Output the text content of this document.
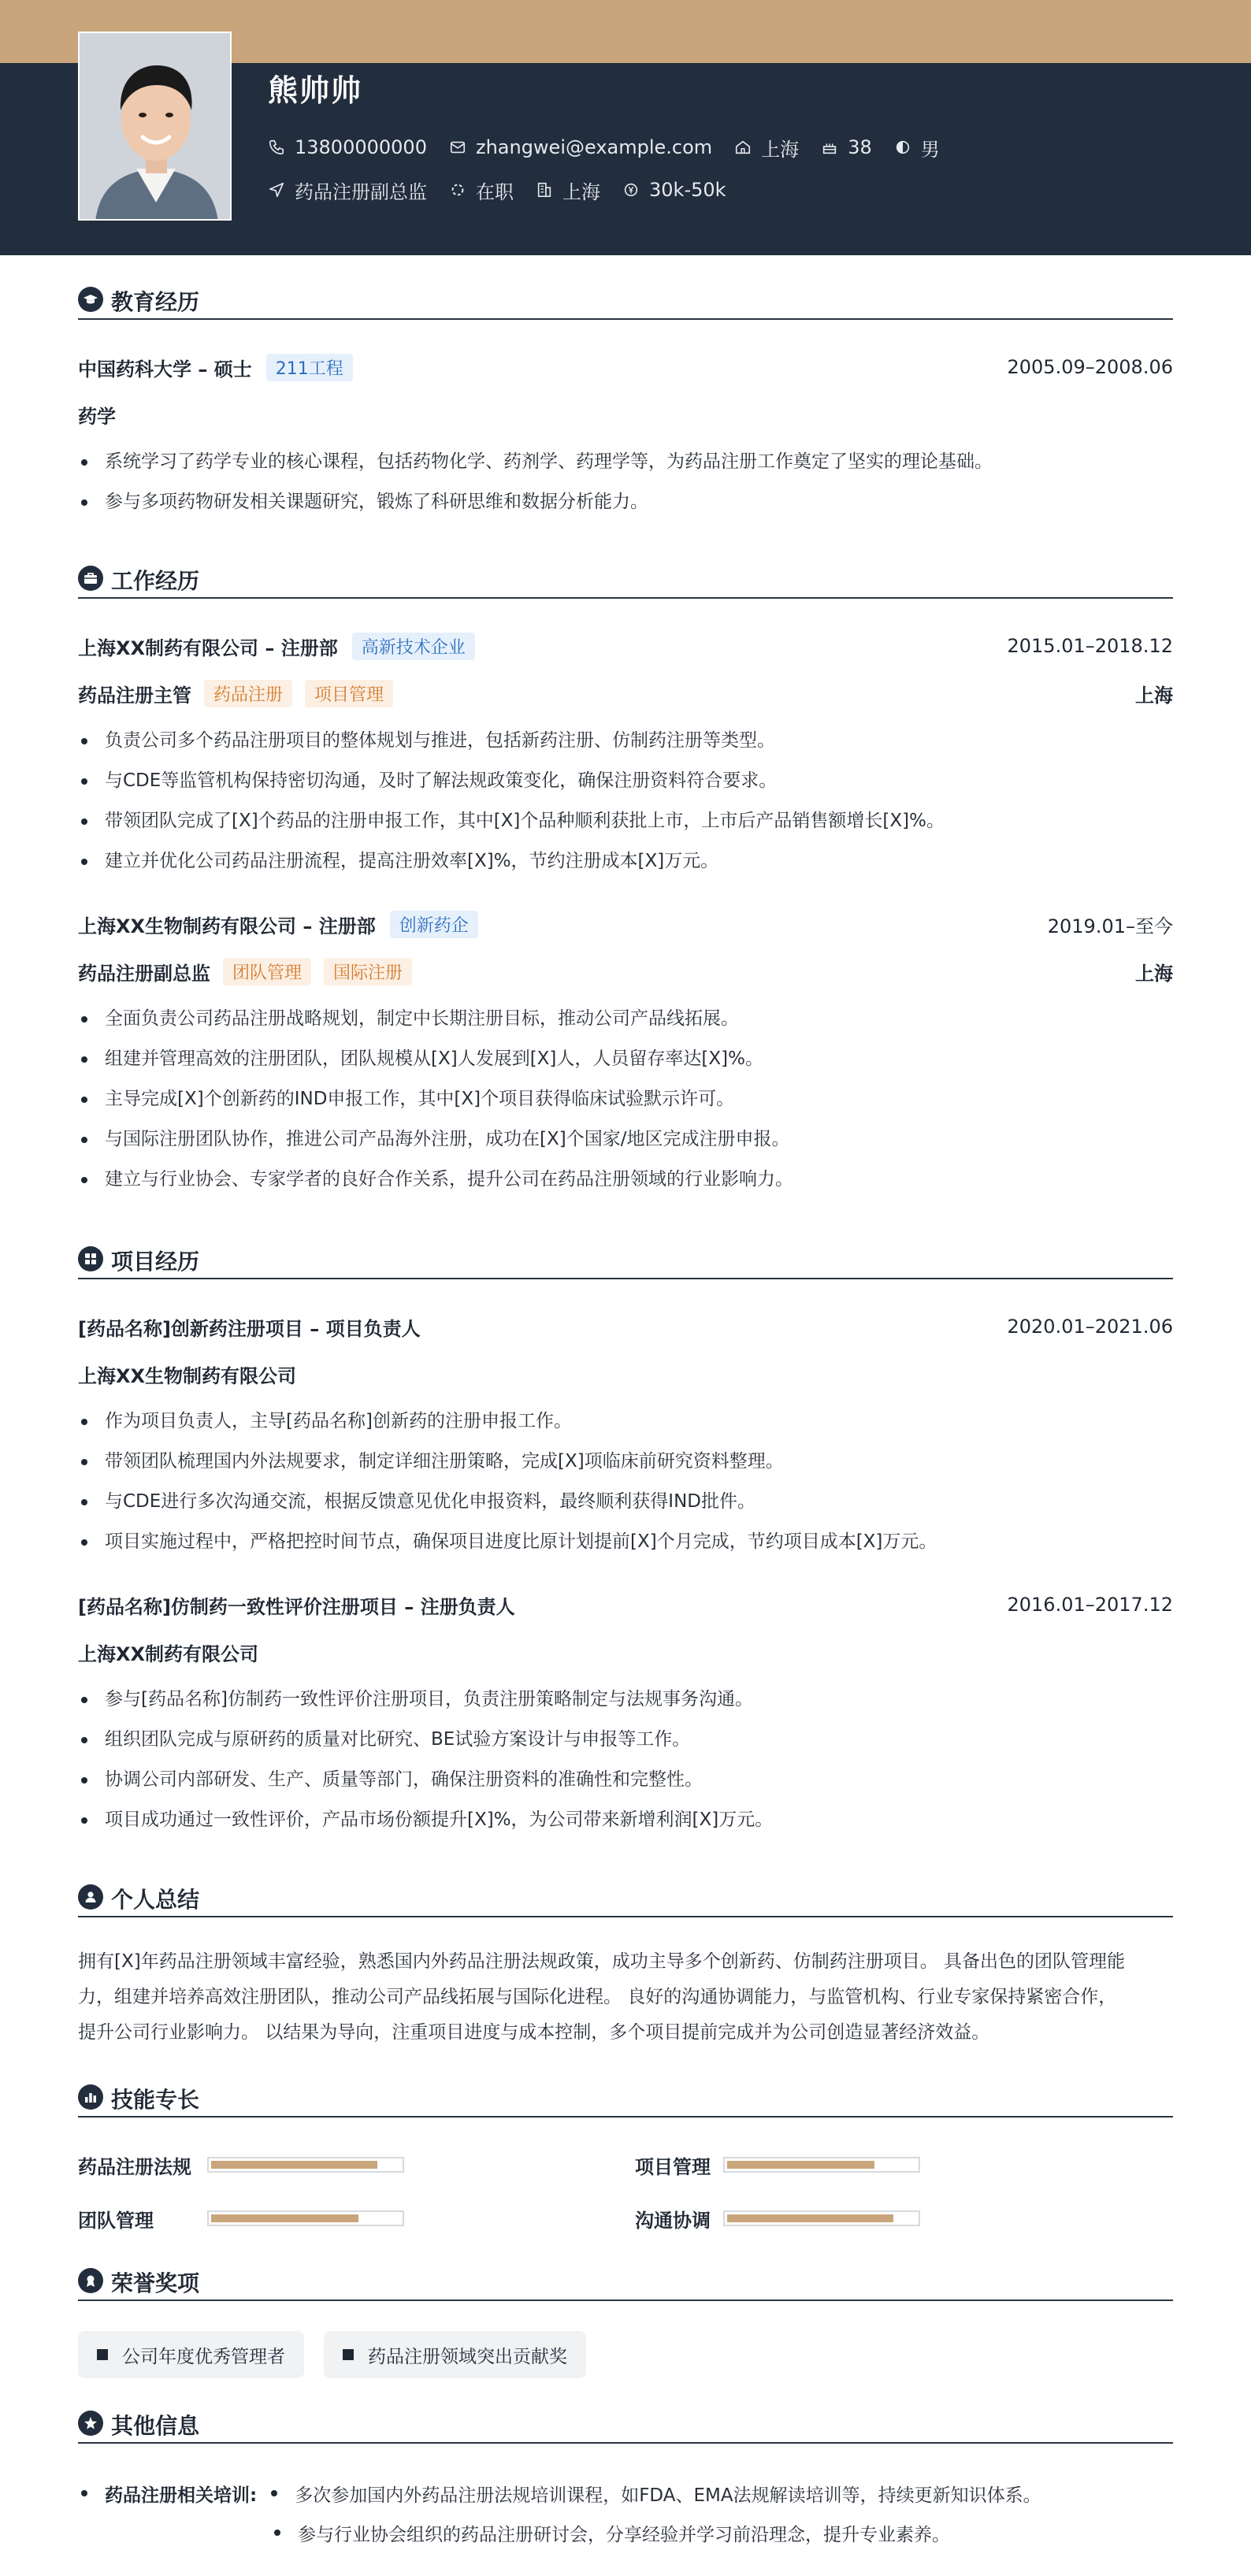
熊帅帅
13800000000	zhangwei@example.com	上海	38	男
药品注册副总监	在职	上海	30k-50k
教育经历
中国药科大学 – 硕士	211工程	2005.09–2008.06
药学
系统学习了药学专业的核心课程，包括药物化学、药剂学、药理学等，为药品注册工作奠定了坚实的理论基础。
参与多项药物研发相关课题研究，锻炼了科研思维和数据分析能力。
工作经历
上海XX制药有限公司 – 注册部	高新技术企业	2015.01–2018.12
药品注册主管	药品注册	项目管理	上海
负责公司多个药品注册项目的整体规划与推进，包括新药注册、仿制药注册等类型。
与CDE等监管机构保持密切沟通，及时了解法规政策变化，确保注册资料符合要求。
带领团队完成了[X]个药品的注册申报工作，其中[X]个品种顺利获批上市，上市后产品销售额增长[X]%。
建立并优化公司药品注册流程，提高注册效率[X]%，节约注册成本[X]万元。
上海XX生物制药有限公司 – 注册部	创新药企	2019.01–至今
药品注册副总监	团队管理	国际注册	上海
全面负责公司药品注册战略规划，制定中长期注册目标，推动公司产品线拓展。
组建并管理高效的注册团队，团队规模从[X]人发展到[X]人，人员留存率达[X]%。
主导完成[X]个创新药的IND申报工作，其中[X]个项目获得临床试验默示许可。
与国际注册团队协作，推进公司产品海外注册，成功在[X]个国家/地区完成注册申报。
建立与行业协会、专家学者的良好合作关系，提升公司在药品注册领域的行业影响力。
项目经历
[药品名称]创新药注册项目 – 项目负责人	2020.01–2021.06
上海XX生物制药有限公司
作为项目负责人，主导[药品名称]创新药的注册申报工作。
带领团队梳理国内外法规要求，制定详细注册策略，完成[X]项临床前研究资料整理。
与CDE进行多次沟通交流，根据反馈意见优化申报资料，最终顺利获得IND批件。
项目实施过程中，严格把控时间节点，确保项目进度比原计划提前[X]个月完成，节约项目成本[X]万元。
[药品名称]仿制药一致性评价注册项目 – 注册负责人	2016.01–2017.12
上海XX制药有限公司
参与[药品名称]仿制药一致性评价注册项目，负责注册策略制定与法规事务沟通。
组织团队完成与原研药的质量对比研究、BE试验方案设计与申报等工作。
协调公司内部研发、生产、质量等部门，确保注册资料的准确性和完整性。
项目成功通过一致性评价，产品市场份额提升[X]%，为公司带来新增利润[X]万元。
个人总结
拥有[X]年药品注册领域丰富经验，熟悉国内外药品注册法规政策，成功主导多个创新药、仿制药注册项目。 具备出色的团队管理能
力，组建并培养高效注册团队，推动公司产品线拓展与国际化进程。 良好的沟通协调能力，与监管机构、行业专家保持紧密合作，
提升公司行业影响力。 以结果为导向，注重项目进度与成本控制，多个项目提前完成并为公司创造显著经济效益。
技能专长
药品注册法规	项目管理
团队管理	沟通协调
荣誉奖项
公司年度优秀管理者	药品注册领域突出贡献奖
其他信息
药品注册相关培训: 多次参加国内外药品注册法规培训课程，如FDA、EMA法规解读培训等，持续更新知识体系。
参与行业协会组织的药品注册研讨会，分享经验并学习前沿理念，提升专业素养。
